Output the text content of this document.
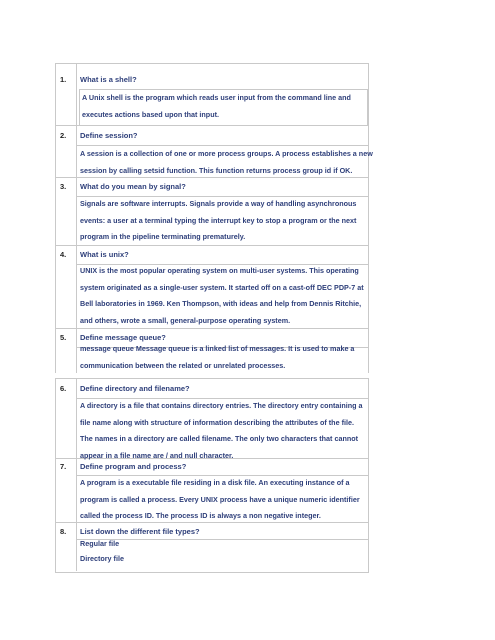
1. What is a shell?
A Unix shell is the program which reads user input from the command line and
executes actions based upon that input.
2. Define session?
A session is a collection of one or more process groups. A process establishes a new
session by calling setsid function. This function returns process group id if OK.
3. What do you mean by signal?
Signals are software interrupts. Signals provide a way of handling asynchronous
events: a user at a terminal typing the interrupt key to stop a program or the next
program in the pipeline terminating prematurely.
4. What is unix?
UNIX is the most popular operating system on multi-user systems. This operating
system originated as a single-user system. It started off on a cast-off DEC PDP-7 at
Bell laboratories in 1969. Ken Thompson, with ideas and help from Dennis Ritchie,
and others, wrote a small, general-purpose operating system.
5. Define message queue?
message queue Message queue is a linked list of messages. It is used to make a
communication between the related or unrelated processes.
6. Define directory and filename?
A directory is a file that contains directory entries. The directory entry containing a
file name along with structure of information describing the attributes of the file.
The names in a directory are called filename. The only two characters that cannot
appear in a file name are / and null character.
7. Define program and process?
A program is a executable file residing in a disk file. An executing instance of a
program is called a process. Every UNIX process have a unique numeric identifier
called the process ID. The process ID is always a non negative integer.
8. List down the different file types?
Regular file
Directory file
